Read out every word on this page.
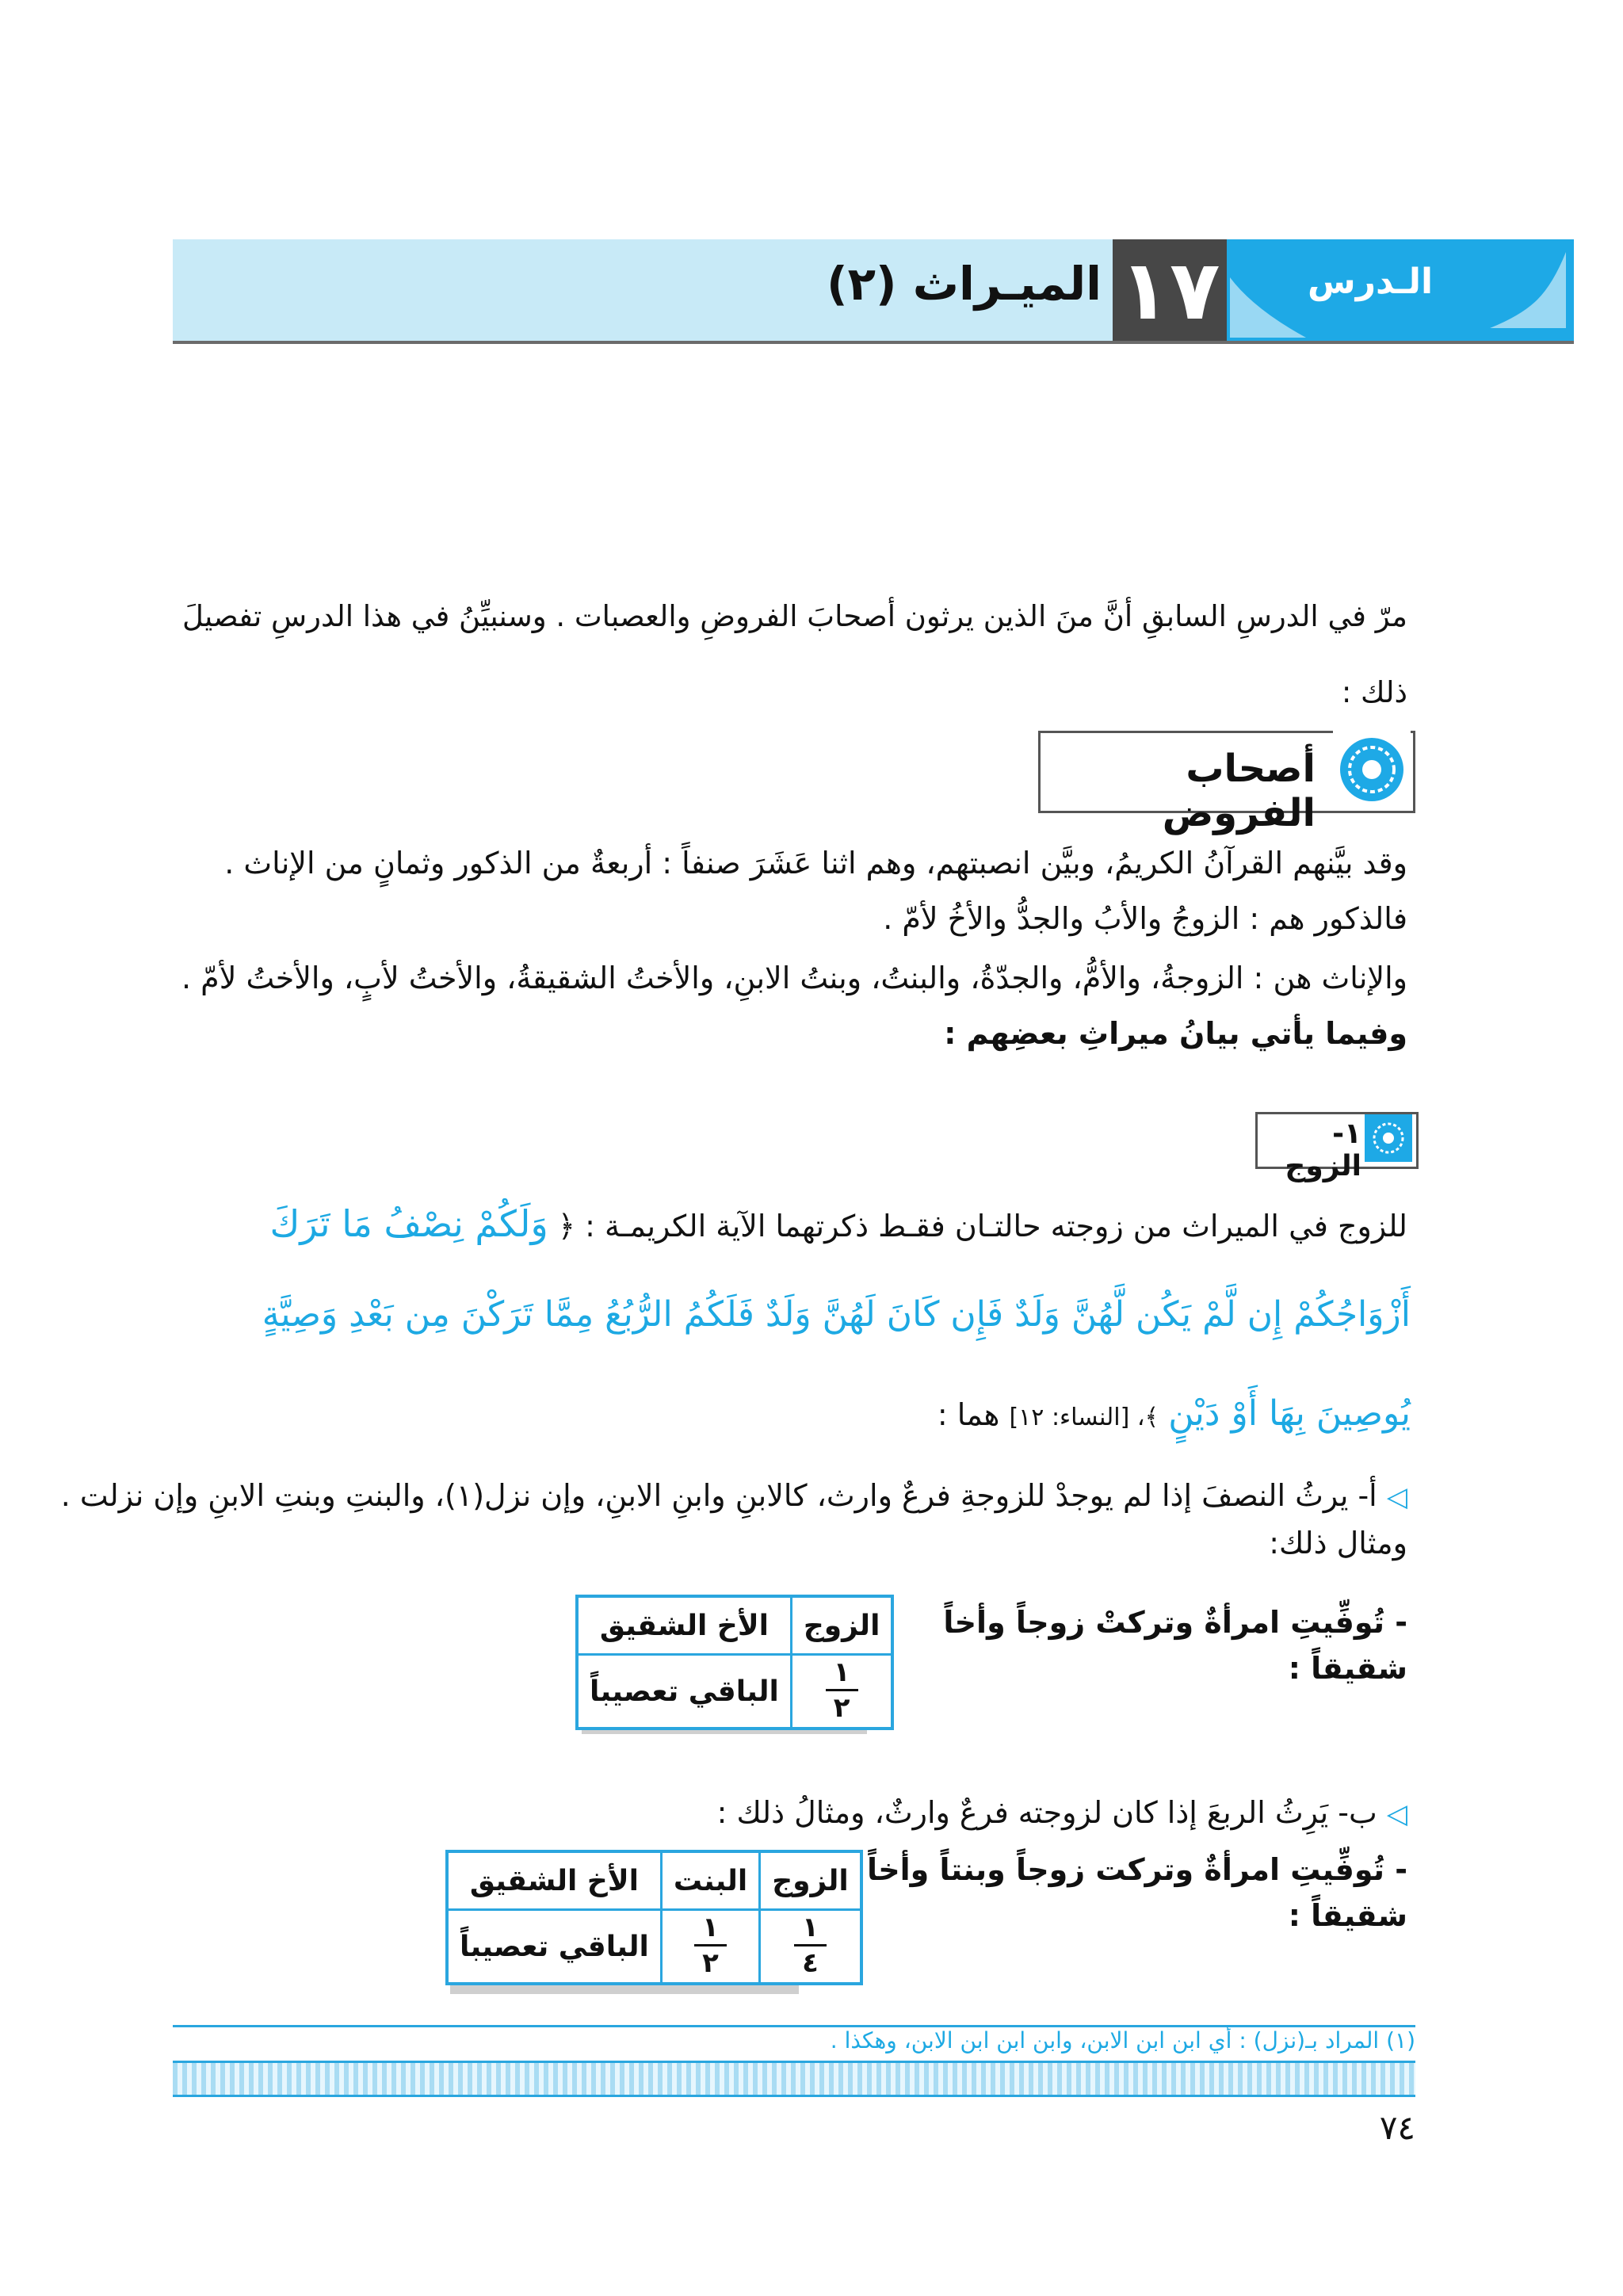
الـدرس
١٧
الميـراث (٢)
مرّ في الدرسِ السابقِ أنَّ منَ الذين يرثون أصحابَ الفروضِ والعصبات . وسنبيِّنُ في هذا الدرسِ تفصيلَ ذلك :
أصحاب الفروض
وقد بيَّنهم القرآنُ الكريمُ، وبيَّن انصبتهم، وهم اثنا عَشَرَ صنفاً : أربعةٌ من الذكور وثمانٍ من الإناث .
فالذكور هم : الزوجُ والأبُ والجدُّ والأخُ لأمّ .
والإناث هن : الزوجةُ، والأمُّ، والجدّةُ، والبنتُ، وبنتُ الابنِ، والأختُ الشقيقةُ، والأختُ لأبٍ، والأختُ لأمّ .
وفيما يأتي بيانُ ميراثِ بعضِهم :
١- الزوج
للزوج في الميراث من زوجته حالتـان فقـط ذكرتهما الآية الكريمـة : ﴿ وَلَكُمْ نِصْفُ مَا تَرَكَ
أَزْوَاجُكُمْ إِن لَّمْ يَكُن لَّهُنَّ وَلَدٌ فَإِن كَانَ لَهُنَّ وَلَدٌ فَلَكُمُ الرُّبُعُ مِمَّا تَرَكْنَ مِن بَعْدِ وَصِيَّةٍ
يُوصِينَ بِهَا أَوْ دَيْنٍ ﴾، [النساء: ١٢] هما :
◁ أ- يرثُ النصفَ إذا لم يوجدْ للزوجةِ فرعٌ وارث، كالابنِ وابنِ الابنِ، وإن نزل(١)، والبنتِ وبنتِ الابنِ وإن نزلت . ومثال ذلك:
- تُوفِّيتِ امرأةٌ وتركتْ زوجاً وأخاً شقيقاً :
الزوج	الأخ الشقيق

$\frac{١}{٢}$	الباقي تعصيباً
◁ ب- يَرِثُ الربعَ إذا كان لزوجته فرعٌ وارثٌ، ومثالُ ذلك :
- تُوفِّيتِ امرأةٌ وتركت زوجاً وبنتاً وأخاً شقيقاً :
الزوج	البنت	الأخ الشقيق

$\frac{١}{٤}$	$\frac{١}{٢}$	الباقي تعصيباً
(١) المراد بـ(نزل) : أي ابن ابن الابن، وابن ابن ابن الابن، وهكذا .
٧٤
